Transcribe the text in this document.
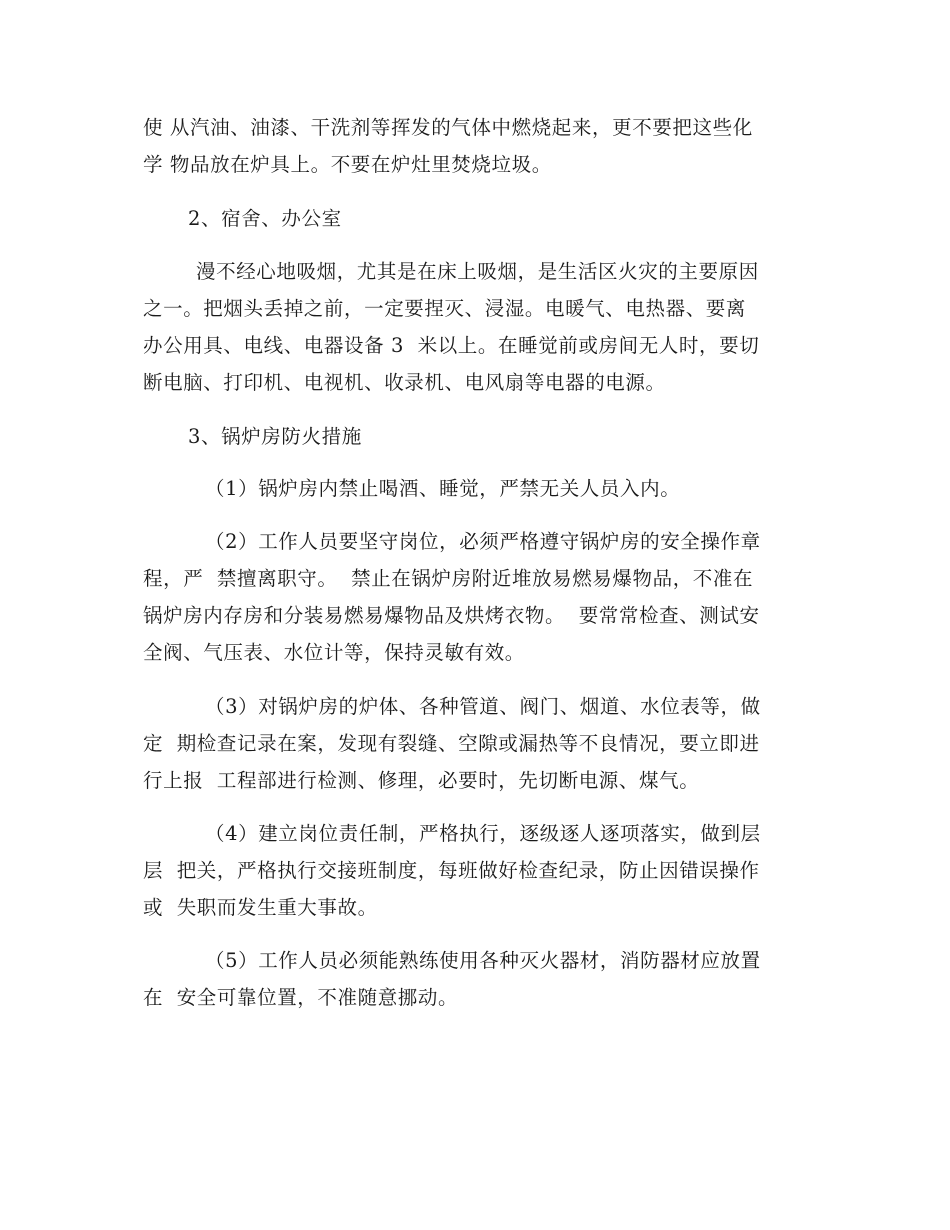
使 从汽油、油漆、干洗剂等挥发的气体中燃烧起来，更不要把这些化
学 物品放在炉具上。不要在炉灶里焚烧垃圾。
2、宿舍、办公室
漫不经心地吸烟，尤其是在床上吸烟，是生活区火灾的主要原因
之一。把烟头丢掉之前，一定要捏灭、浸湿。电暖气、电热器、要离
办公用具、电线、电器设备 3  米以上。在睡觉前或房间无人时，要切
断电脑、打印机、电视机、收录机、电风扇等电器的电源。
3、锅炉房防火措施
（1）锅炉房内禁止喝酒、睡觉，严禁无关人员入内。
（2）工作人员要坚守岗位，必须严格遵守锅炉房的安全操作章
程，严  禁擅离职守。  禁止在锅炉房附近堆放易燃易爆物品，不准在
锅炉房内存房和分装易燃易爆物品及烘烤衣物。  要常常检查、测试安
全阀、气压表、水位计等，保持灵敏有效。
（3）对锅炉房的炉体、各种管道、阀门、烟道、水位表等，做
定  期检查记录在案，发现有裂缝、空隙或漏热等不良情况，要立即进
行上报  工程部进行检测、修理，必要时，先切断电源、煤气。
（4）建立岗位责任制，严格执行，逐级逐人逐项落实，做到层
层  把关，严格执行交接班制度，每班做好检查纪录，防止因错误操作
或  失职而发生重大事故。
（5）工作人员必须能熟练使用各种灭火器材，消防器材应放置
在  安全可靠位置，不准随意挪动。
